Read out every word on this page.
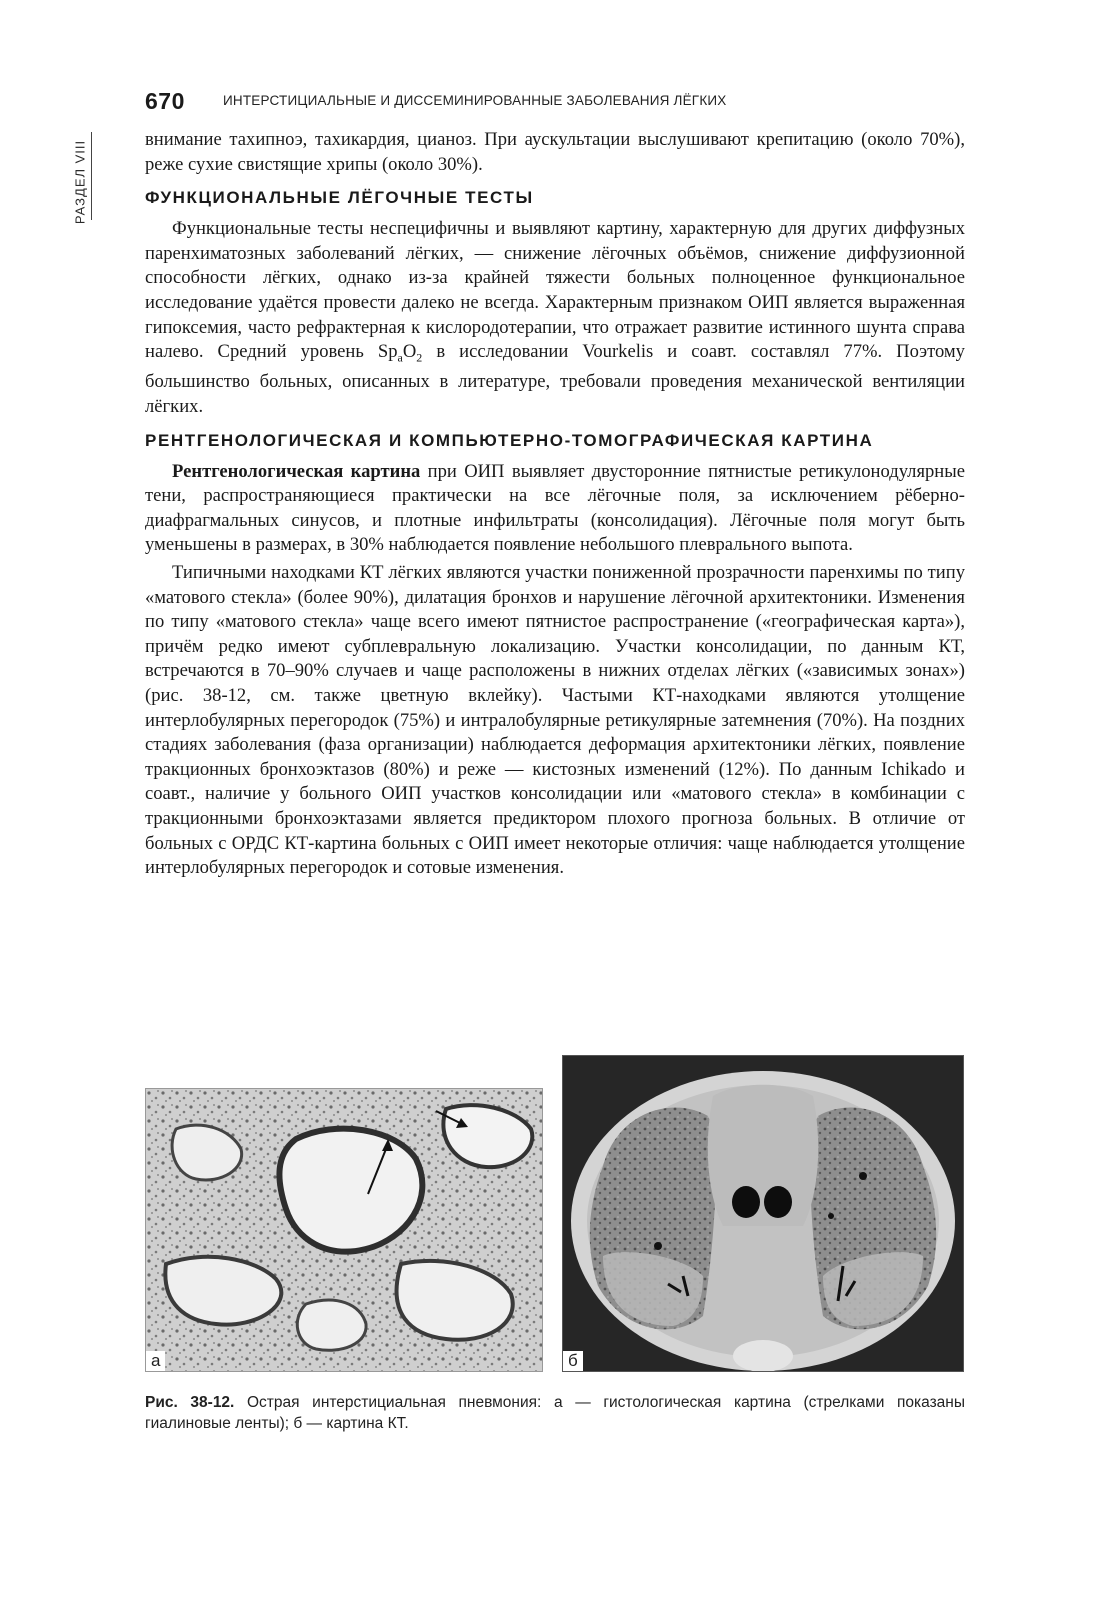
РАЗДЕЛ VIII
670	ИНТЕРСТИЦИАЛЬНЫЕ И ДИССЕМИНИРОВАННЫЕ ЗАБОЛЕВАНИЯ ЛЁГКИХ

внимание тахипноэ, тахикардия, цианоз. При аускультации выслушивают крепитацию (около 70%), реже сухие свистящие хрипы (около 30%).

ФУНКЦИОНАЛЬНЫЕ ЛЁГОЧНЫЕ ТЕСТЫ

Функциональные тесты неспецифичны и выявляют картину, характерную для других диффузных паренхиматозных заболеваний лёгких, — снижение лёгочных объёмов, снижение диффузионной способности лёгких, однако из-за крайней тяжести больных полноценное функциональное исследование удаётся провести далеко не всегда. Характерным признаком ОИП является выраженная гипоксемия, часто рефрактерная к кислородотерапии, что отражает развитие истинного шунта справа налево. Средний уровень $Sp_aO_2$ в исследовании Vourkelis и соавт. составлял 77%. Поэтому большинство больных, описанных в литературе, требовали проведения механической вентиляции лёгких.

РЕНТГЕНОЛОГИЧЕСКАЯ И КОМПЬЮТЕРНО-ТОМОГРАФИЧЕСКАЯ КАРТИНА

Рентгенологическая картина при ОИП выявляет двусторонние пятнистые ретикулонодулярные тени, распространяющиеся практически на все лёгочные поля, за исключением рёберно-диафрагмальных синусов, и плотные инфильтраты (консолидация). Лёгочные поля могут быть уменьшены в размерах, в 30% наблюдается появление небольшого плеврального выпота.

Типичными находками КТ лёгких являются участки пониженной прозрачности паренхимы по типу «матового стекла» (более 90%), дилатация бронхов и нарушение лёгочной архитектоники. Изменения по типу «матового стекла» чаще всего имеют пятнистое распространение («географическая карта»), причём редко имеют субплевральную локализацию. Участки консолидации, по данным КТ, встречаются в 70–90% случаев и чаще расположены в нижних отделах лёгких («зависимых зонах») (рис. 38-12, см. также цветную вклейку). Частыми КТ-находками являются утолщение интерлобулярных перегородок (75%) и интралобулярные ретикулярные затемнения (70%). На поздних стадиях заболевания (фаза организации) наблюдается деформация архитектоники лёгких, появление тракционных бронхоэктазов (80%) и реже — кистозных изменений (12%). По данным Ichikado и соавт., наличие у больного ОИП участков консолидации или «матового стекла» в комбинации с тракционными бронхоэктазами является предиктором плохого прогноза больных. В отличие от больных с ОРДС КТ-картина больных с ОИП имеет некоторые отличия: чаще наблюдается утолщение интерлобулярных перегородок и сотовые изменения.

а	б
Рис. 38-12. Острая интерстициальная пневмония: а — гистологическая картина (стрелками показаны гиалиновые ленты); б — картина КТ.
